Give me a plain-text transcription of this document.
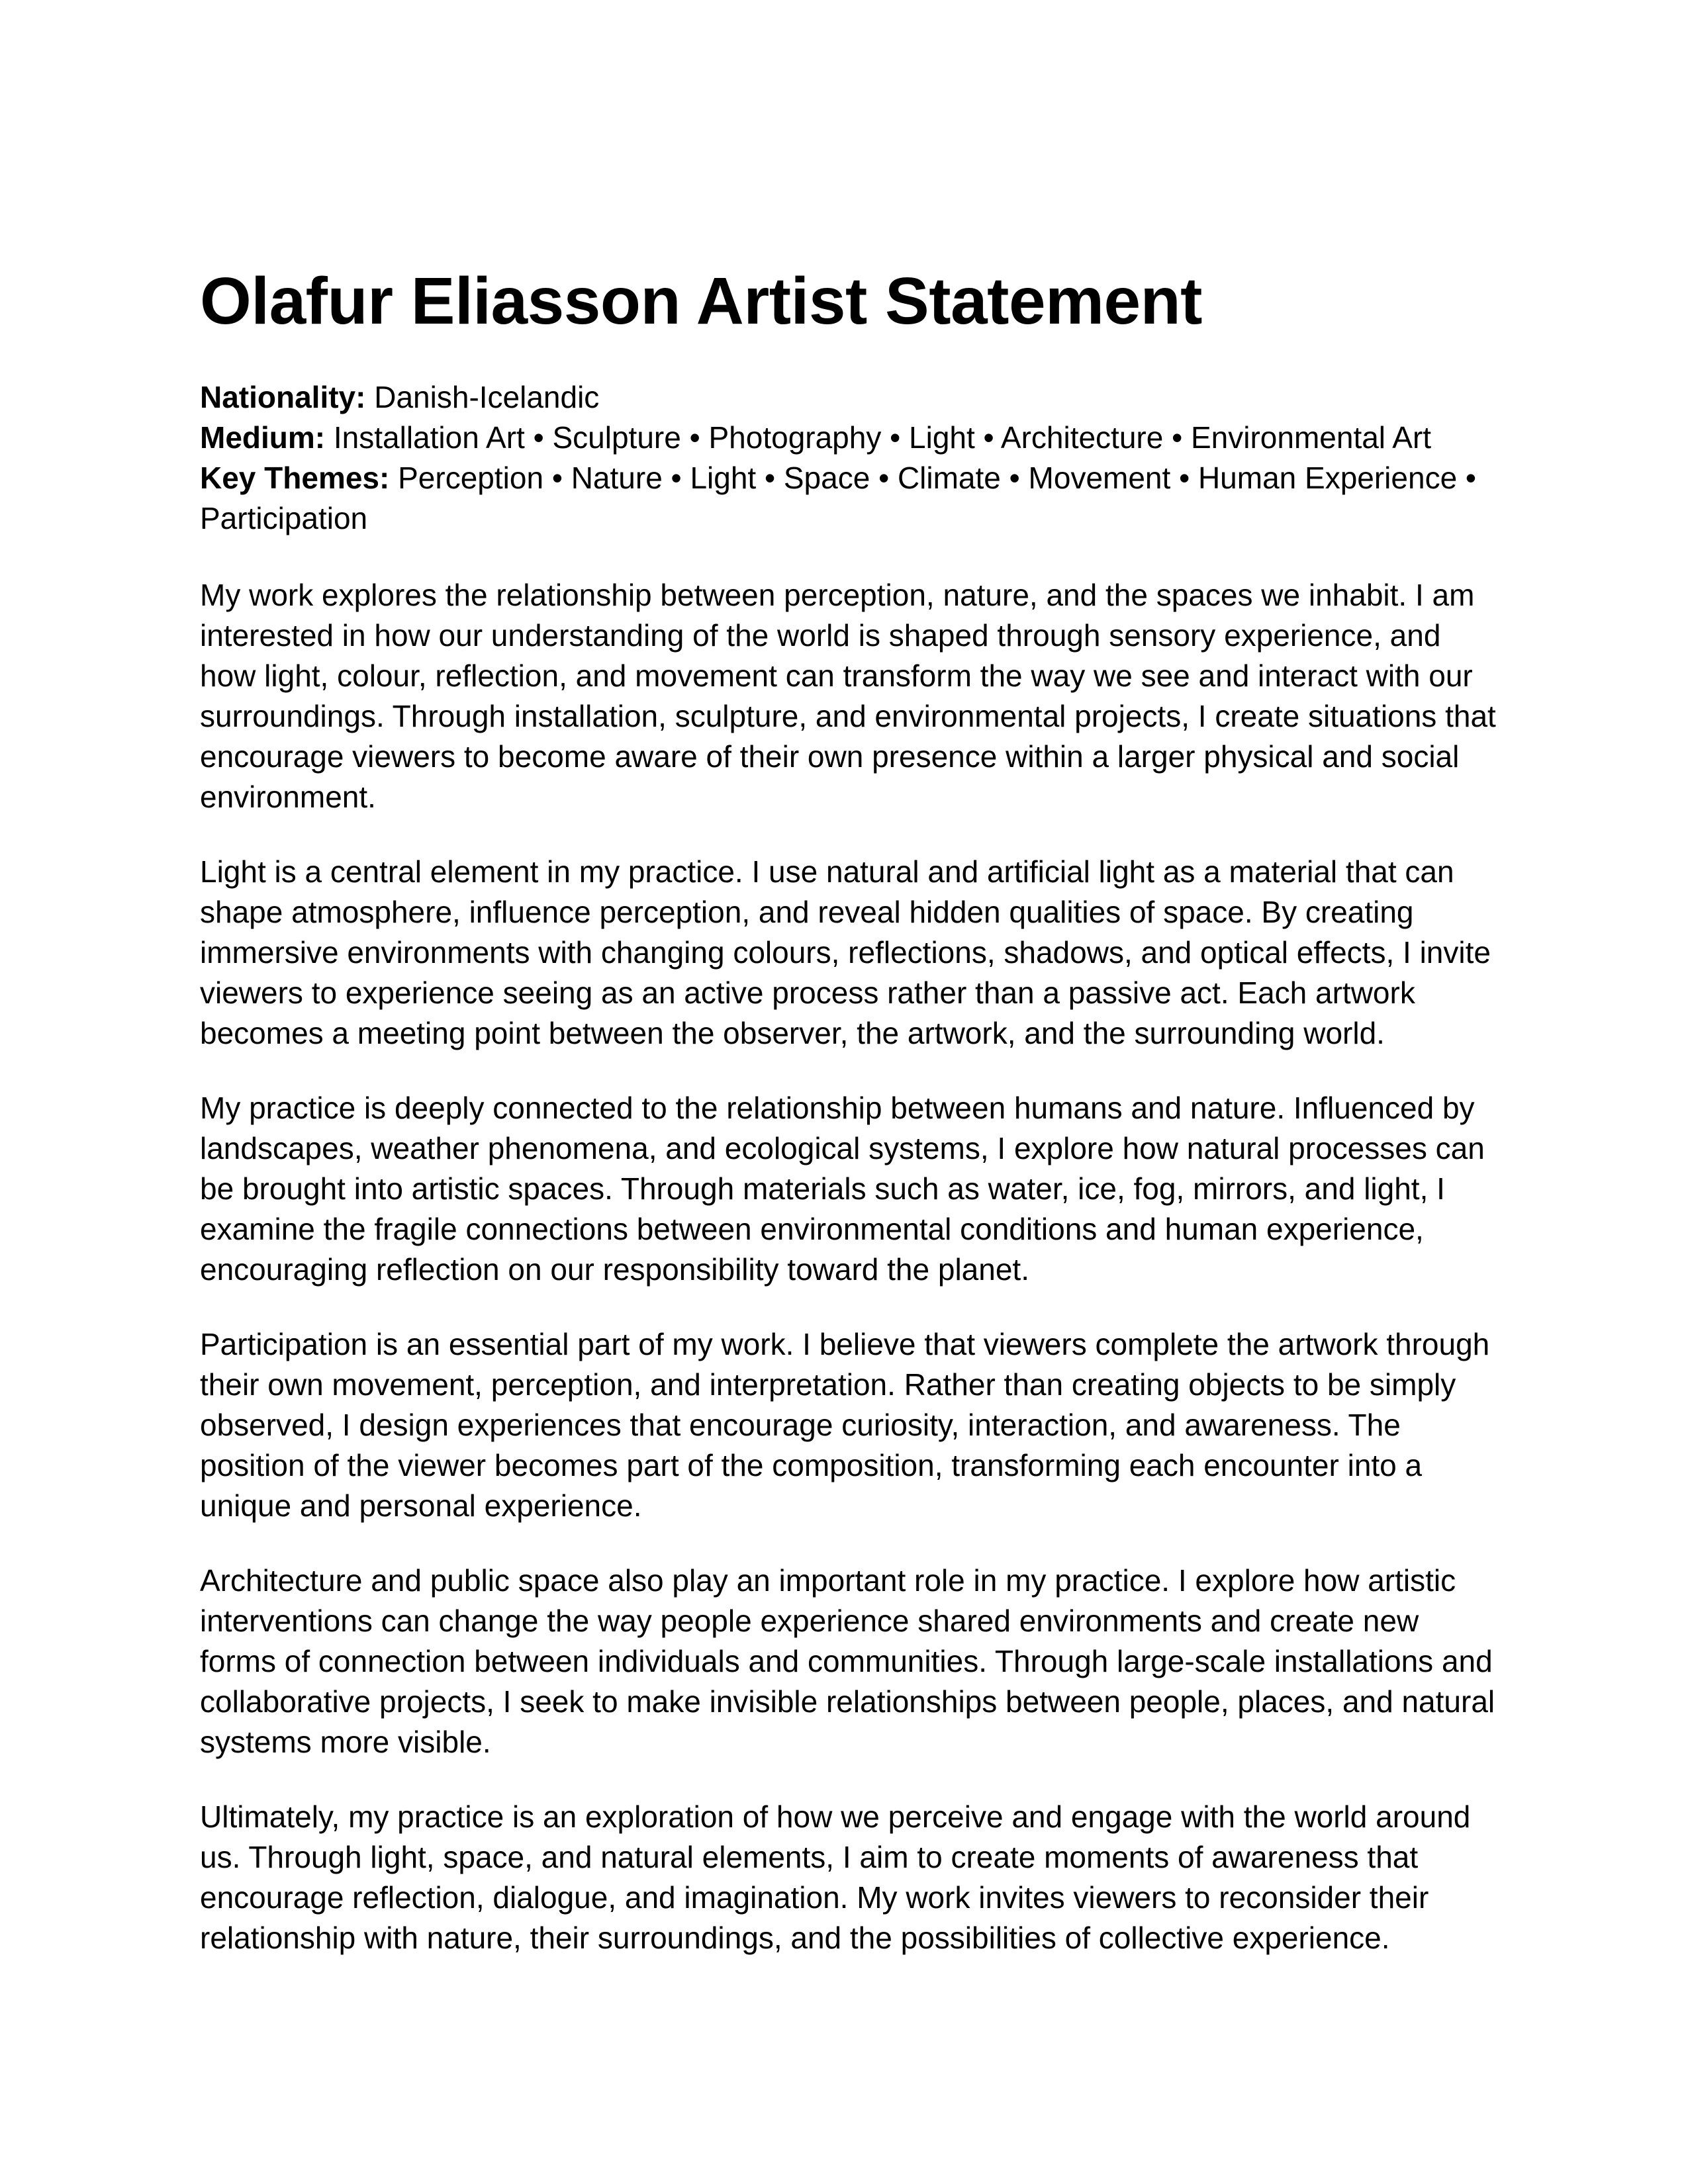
Olafur Eliasson Artist Statement
Nationality: Danish-Icelandic
Medium: Installation Art • Sculpture • Photography • Light • Architecture • Environmental Art
Key Themes: Perception • Nature • Light • Space • Climate • Movement • Human Experience • Participation

My work explores the relationship between perception, nature, and the spaces we inhabit. I am interested in how our understanding of the world is shaped through sensory experience, and how light, colour, reflection, and movement can transform the way we see and interact with our surroundings. Through installation, sculpture, and environmental projects, I create situations that encourage viewers to become aware of their own presence within a larger physical and social environment.

Light is a central element in my practice. I use natural and artificial light as a material that can shape atmosphere, influence perception, and reveal hidden qualities of space. By creating immersive environments with changing colours, reflections, shadows, and optical effects, I invite viewers to experience seeing as an active process rather than a passive act. Each artwork becomes a meeting point between the observer, the artwork, and the surrounding world.

My practice is deeply connected to the relationship between humans and nature. Influenced by landscapes, weather phenomena, and ecological systems, I explore how natural processes can be brought into artistic spaces. Through materials such as water, ice, fog, mirrors, and light, I examine the fragile connections between environmental conditions and human experience, encouraging reflection on our responsibility toward the planet.

Participation is an essential part of my work. I believe that viewers complete the artwork through their own movement, perception, and interpretation. Rather than creating objects to be simply observed, I design experiences that encourage curiosity, interaction, and awareness. The position of the viewer becomes part of the composition, transforming each encounter into a unique and personal experience.

Architecture and public space also play an important role in my practice. I explore how artistic interventions can change the way people experience shared environments and create new forms of connection between individuals and communities. Through large-scale installations and collaborative projects, I seek to make invisible relationships between people, places, and natural systems more visible.

Ultimately, my practice is an exploration of how we perceive and engage with the world around us. Through light, space, and natural elements, I aim to create moments of awareness that encourage reflection, dialogue, and imagination. My work invites viewers to reconsider their relationship with nature, their surroundings, and the possibilities of collective experience.
